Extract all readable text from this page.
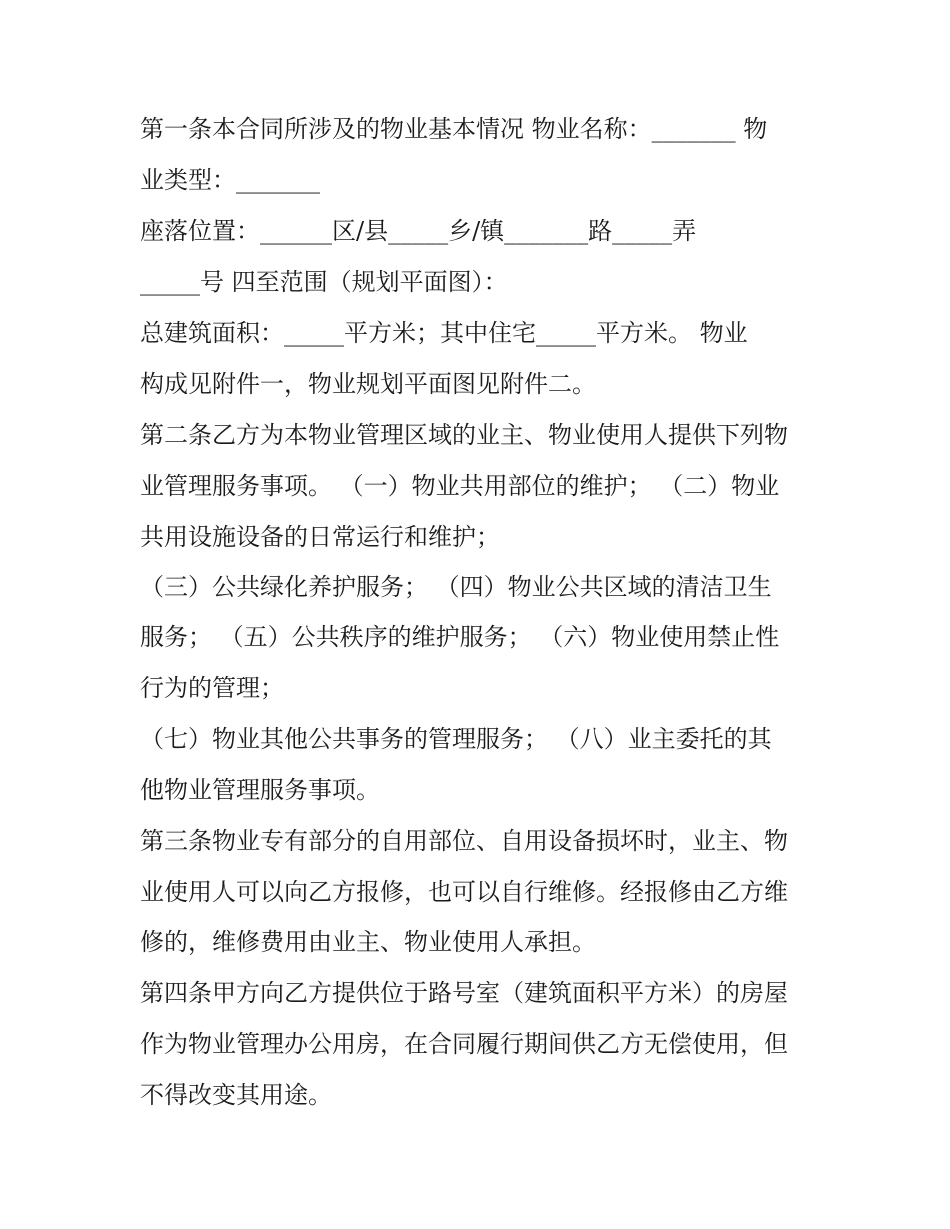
第一条本合同所涉及的物业基本情况 物业名称：_______ 物
业类型：_______
座落位置：______区/县_____乡/镇_______路_____弄
_____号 四至范围（规划平面图）：
总建筑面积：_____平方米；其中住宅_____平方米。 物业
构成见附件一，物业规划平面图见附件二。
第二条乙方为本物业管理区域的业主、物业使用人提供下列物
业管理服务事项。 （一）物业共用部位的维护； （二）物业
共用设施设备的日常运行和维护；
（三）公共绿化养护服务； （四）物业公共区域的清洁卫生
服务； （五）公共秩序的维护服务； （六）物业使用禁止性
行为的管理；
（七）物业其他公共事务的管理服务； （八）业主委托的其
他物业管理服务事项。
第三条物业专有部分的自用部位、自用设备损坏时，业主、物
业使用人可以向乙方报修，也可以自行维修。经报修由乙方维
修的，维修费用由业主、物业使用人承担。
第四条甲方向乙方提供位于路号室（建筑面积平方米）的房屋
作为物业管理办公用房，在合同履行期间供乙方无偿使用，但
不得改变其用途。
